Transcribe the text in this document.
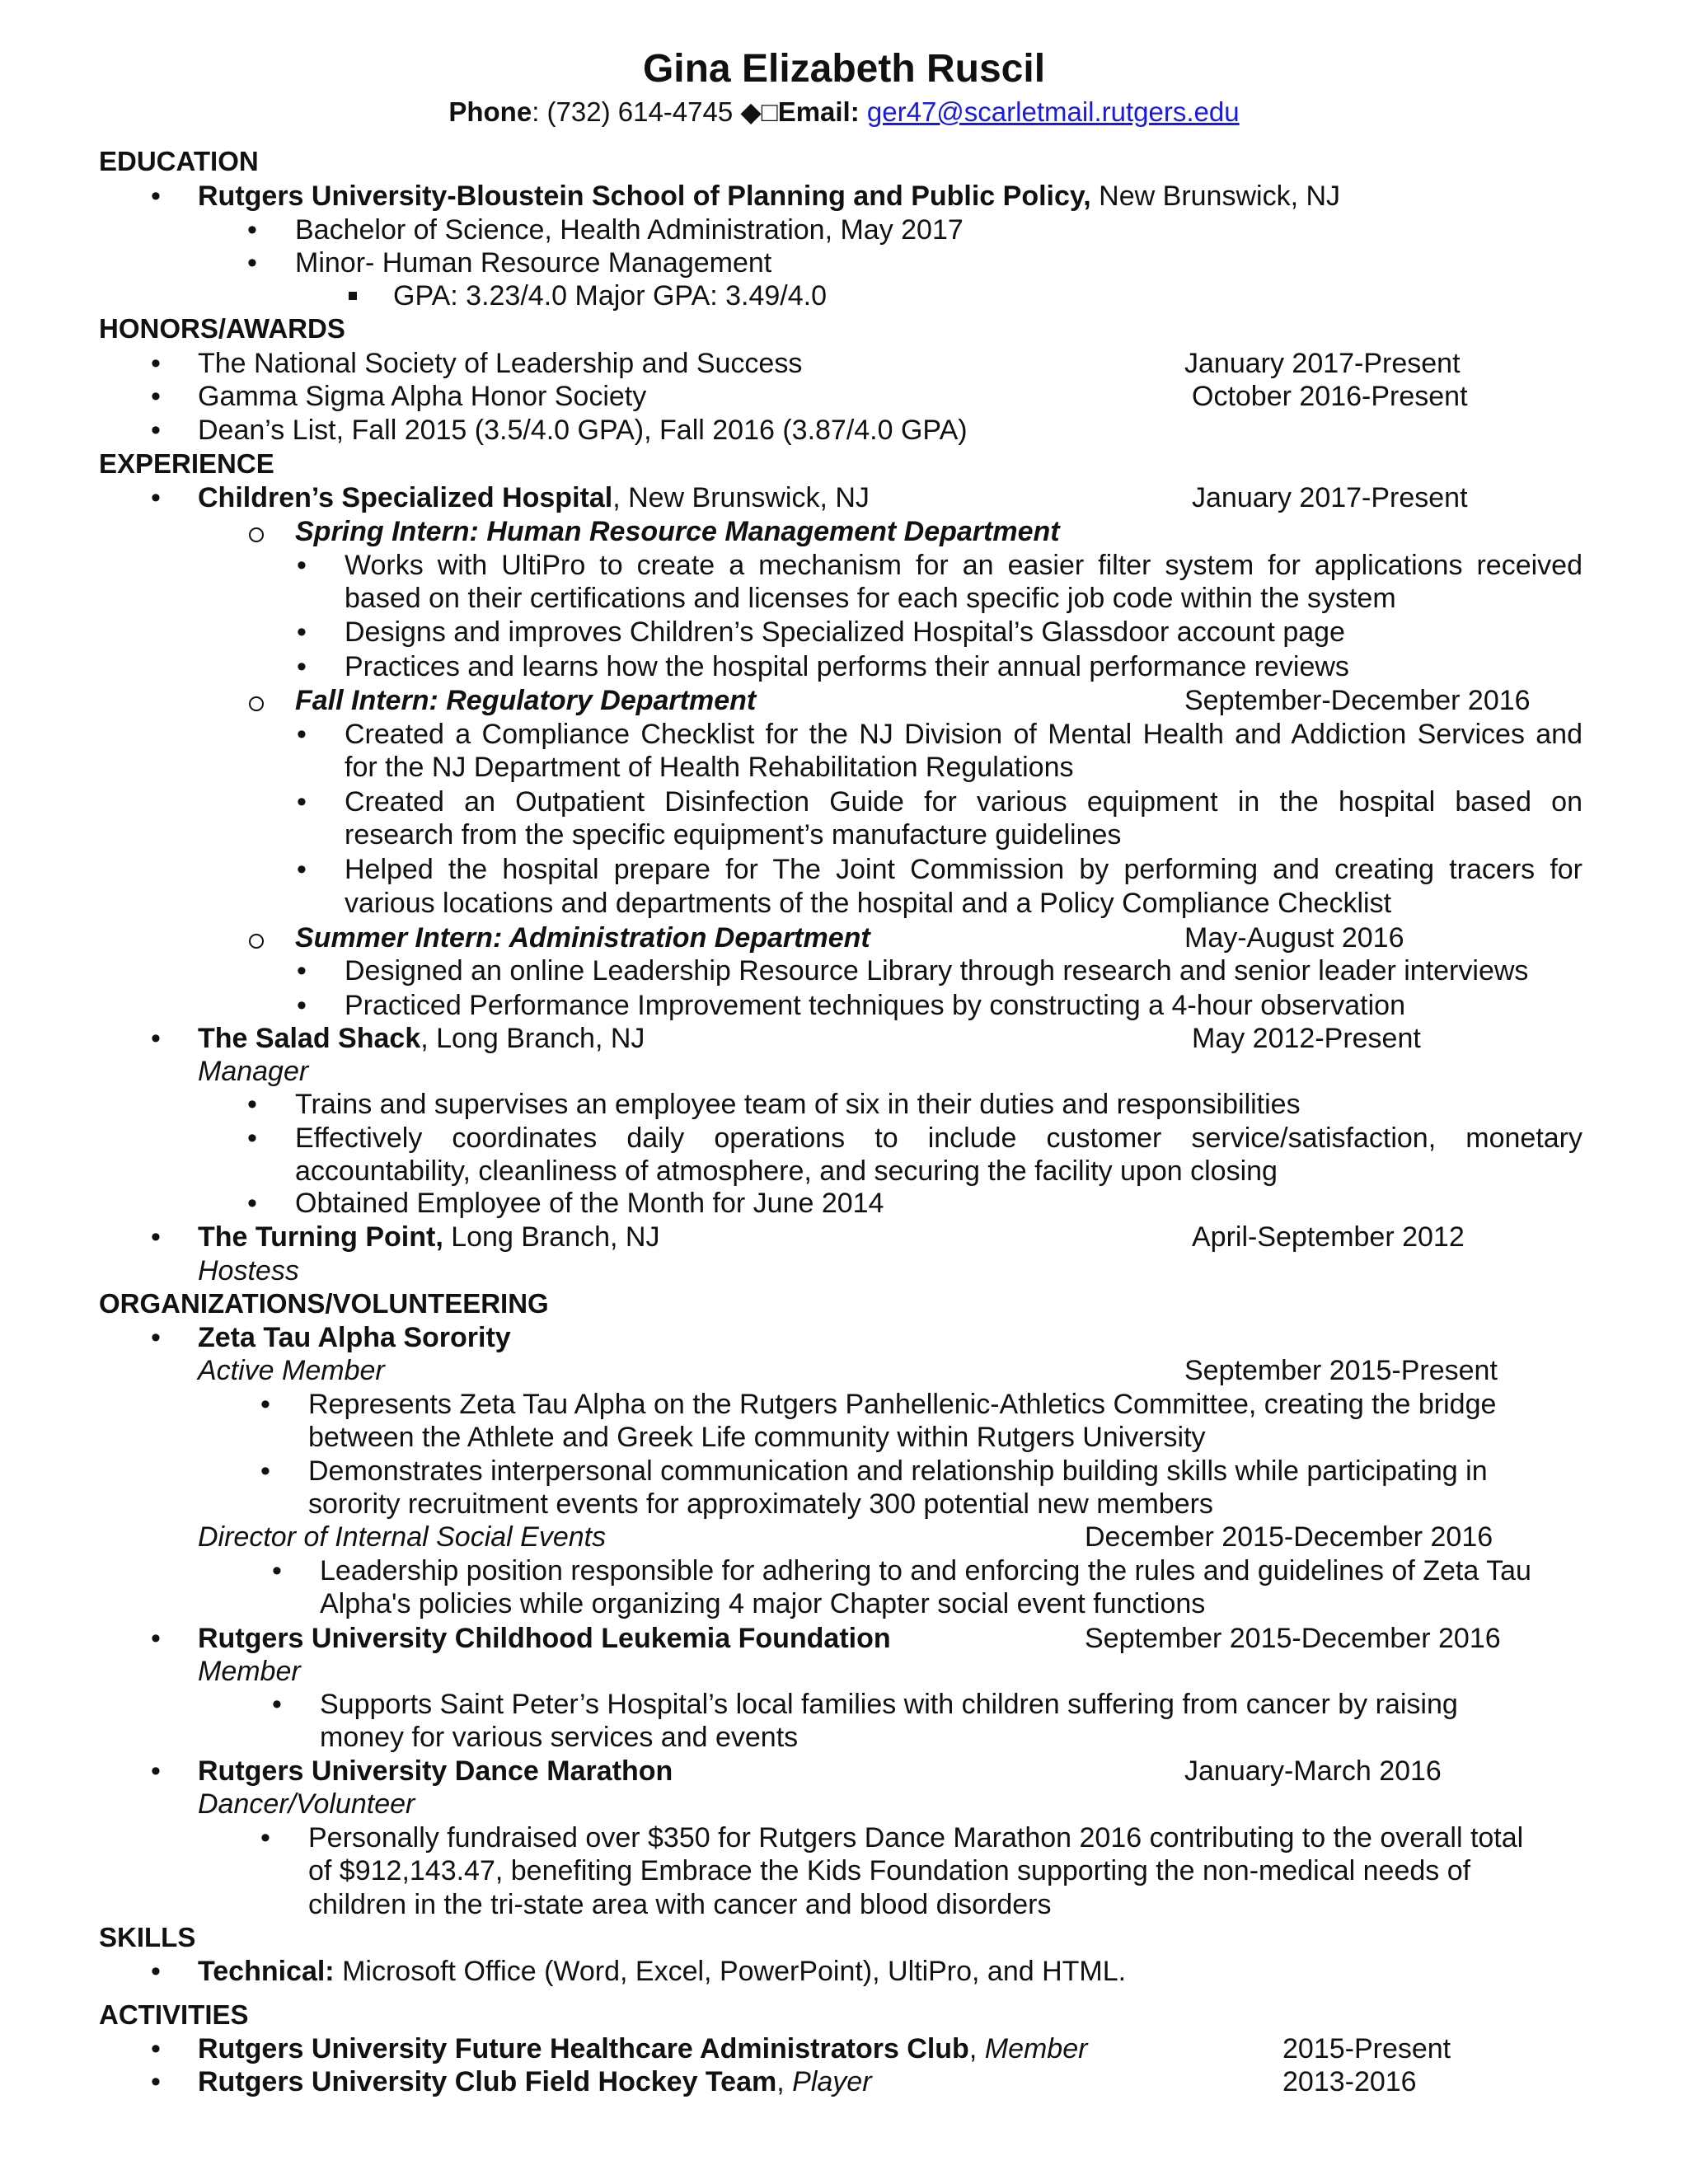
Gina Elizabeth Ruscil
Phone: (732) 614-4745 ◆□Email: ger47@scarletmail.rutgers.edu
EDUCATION
• Rutgers University-Bloustein School of Planning and Public Policy, New Brunswick, NJ
• Bachelor of Science, Health Administration, May 2017
• Minor- Human Resource Management
GPA: 3.23/4.0 Major GPA: 3.49/4.0
HONORS/AWARDS
• The National Society of Leadership and Success	January 2017-Present
• Gamma Sigma Alpha Honor Society	October 2016-Present
• Dean’s List, Fall 2015 (3.5/4.0 GPA), Fall 2016 (3.87/4.0 GPA)
EXPERIENCE
• Children’s Specialized Hospital, New Brunswick, NJ	January 2017-Present
Spring Intern: Human Resource Management Department
• Works with UltiPro to create a mechanism for an easier filter system for applications received
based on their certifications and licenses for each specific job code within the system
• Designs and improves Children’s Specialized Hospital’s Glassdoor account page
• Practices and learns how the hospital performs their annual performance reviews
Fall Intern: Regulatory Department	September-December 2016
• Created a Compliance Checklist for the NJ Division of Mental Health and Addiction Services and
for the NJ Department of Health Rehabilitation Regulations
• Created an Outpatient Disinfection Guide for various equipment in the hospital based on
research from the specific equipment’s manufacture guidelines
• Helped the hospital prepare for The Joint Commission by performing and creating tracers for
various locations and departments of the hospital and a Policy Compliance Checklist
Summer Intern: Administration Department	May-August 2016
• Designed an online Leadership Resource Library through research and senior leader interviews
• Practiced Performance Improvement techniques by constructing a 4-hour observation
• The Salad Shack, Long Branch, NJ	May 2012-Present
Manager
• Trains and supervises an employee team of six in their duties and responsibilities
• Effectively coordinates daily operations to include customer service/satisfaction, monetary
accountability, cleanliness of atmosphere, and securing the facility upon closing
• Obtained Employee of the Month for June 2014
• The Turning Point, Long Branch, NJ	April-September 2012
Hostess
ORGANIZATIONS/VOLUNTEERING
• Zeta Tau Alpha Sorority
Active Member	September 2015-Present
• Represents Zeta Tau Alpha on the Rutgers Panhellenic-Athletics Committee, creating the bridge
between the Athlete and Greek Life community within Rutgers University
• Demonstrates interpersonal communication and relationship building skills while participating in
sorority recruitment events for approximately 300 potential new members
Director of Internal Social Events	December 2015-December 2016
• Leadership position responsible for adhering to and enforcing the rules and guidelines of Zeta Tau
Alpha's policies while organizing 4 major Chapter social event functions
• Rutgers University Childhood Leukemia Foundation	September 2015-December 2016
Member
• Supports Saint Peter’s Hospital’s local families with children suffering from cancer by raising
money for various services and events
• Rutgers University Dance Marathon	January-March 2016
Dancer/Volunteer
• Personally fundraised over $350 for Rutgers Dance Marathon 2016 contributing to the overall total
of $912,143.47, benefiting Embrace the Kids Foundation supporting the non-medical needs of
children in the tri-state area with cancer and blood disorders
SKILLS
• Technical: Microsoft Office (Word, Excel, PowerPoint), UltiPro, and HTML.
ACTIVITIES
• Rutgers University Future Healthcare Administrators Club, Member	2015-Present
• Rutgers University Club Field Hockey Team, Player	2013-2016
